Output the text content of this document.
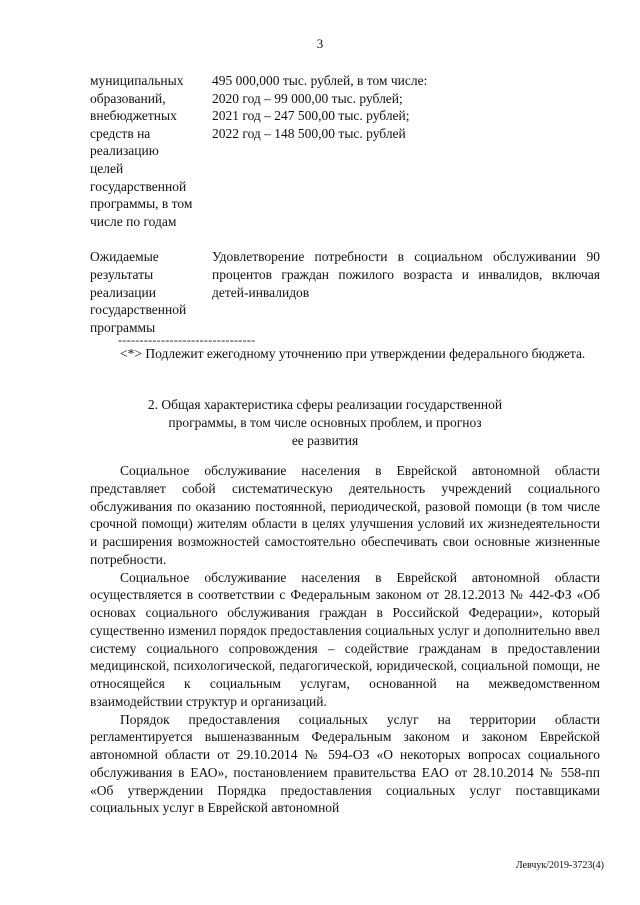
3
муниципальных
образований,
внебюджетных
средств на
реализацию
целей
государственной
программы, в том
числе по годам
495 000,000 тыс. рублей, в том числе:
2020 год – 99 000,00 тыс. рублей;
2021 год – 247 500,00 тыс. рублей;
2022 год – 148 500,00 тыс. рублей
Ожидаемые
результаты
реализации
государственной
программы
Удовлетворение потребности в социальном обслуживании 90 процентов граждан пожилого возраста и инвалидов, включая детей-инвалидов
--------------------------------
<*> Подлежит ежегодному уточнению при утверждении федерального бюджета.
2. Общая характеристика сферы реализации государственной
программы, в том числе основных проблем, и прогноз
ее развития

Социальное обслуживание населения в Еврейской автономной области представляет собой систематическую деятельность учреждений социального обслуживания по оказанию постоянной, периодической, разовой помощи (в том числе срочной помощи) жителям области в целях улучшения условий их жизнедеятельности и расширения возможностей самостоятельно обеспечивать свои основные жизненные потребности.

Социальное обслуживание населения в Еврейской автономной области осуществляется в соответствии с Федеральным законом от 28.12.2013 № 442-ФЗ «Об основах социального обслуживания граждан в Российской Федерации», который существенно изменил порядок предоставления социальных услуг и дополнительно ввел систему социального сопровождения – содействие гражданам в предоставлении медицинской, психологической, педагогической, юридической, социальной помощи, не относящейся к социальным услугам, основанной на межведомственном взаимодействии структур и организаций.

Порядок предоставления социальных услуг на территории области регламентируется вышеназванным Федеральным законом и законом Еврейской автономной области от 29.10.2014 № 594-ОЗ «О некоторых вопросах социального обслуживания в ЕАО», постановлением правительства ЕАО от 28.10.2014 № 558-пп «Об утверждении Порядка предоставления социальных услуг поставщиками социальных услуг в Еврейской автономной

Левчук/2019-3723(4)
